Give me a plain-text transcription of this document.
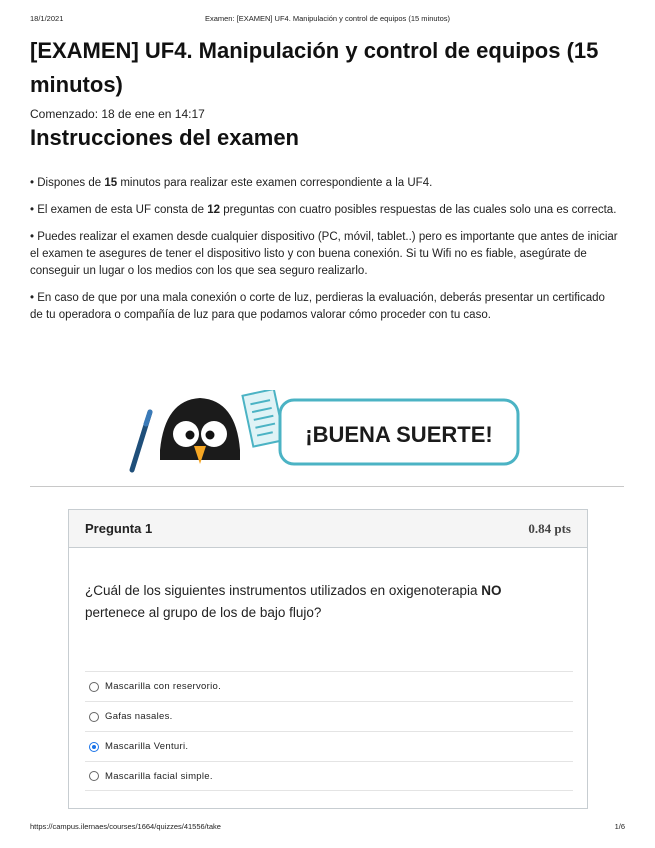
18/1/2021	Examen: [EXAMEN] UF4. Manipulación y control de equipos (15 minutos)
[EXAMEN] UF4. Manipulación y control de equipos (15 minutos)
Comenzado: 18 de ene en 14:17
Instrucciones del examen

• Dispones de 15 minutos para realizar este examen correspondiente a la UF4.

• El examen de esta UF consta de 12 preguntas con cuatro posibles respuestas de las cuales solo una es correcta.

• Puedes realizar el examen desde cualquier dispositivo (PC, móvil, tablet..) pero es importante que antes de iniciar el examen te asegures de tener el dispositivo listo y con buena conexión. Si tu Wifi no es fiable, asegúrate de conseguir un lugar o los medios con los que sea seguro realizarlo.

• En caso de que por una mala conexión o corte de luz, perdieras la evaluación, deberás presentar un certificado de tu operadora o compañía de luz para que podamos valorar cómo proceder con tu caso.

¡BUENA SUERTE!
Pregunta 1	0.84 pts
¿Cuál de los siguientes instrumentos utilizados en oxigenoterapia NO pertenece al grupo de los de bajo flujo?
Mascarilla con reservorio.
Gafas nasales.
Mascarilla Venturi.
Mascarilla facial simple.
https://campus.ilernaes/courses/1664/quizzes/41556/take	1/6
